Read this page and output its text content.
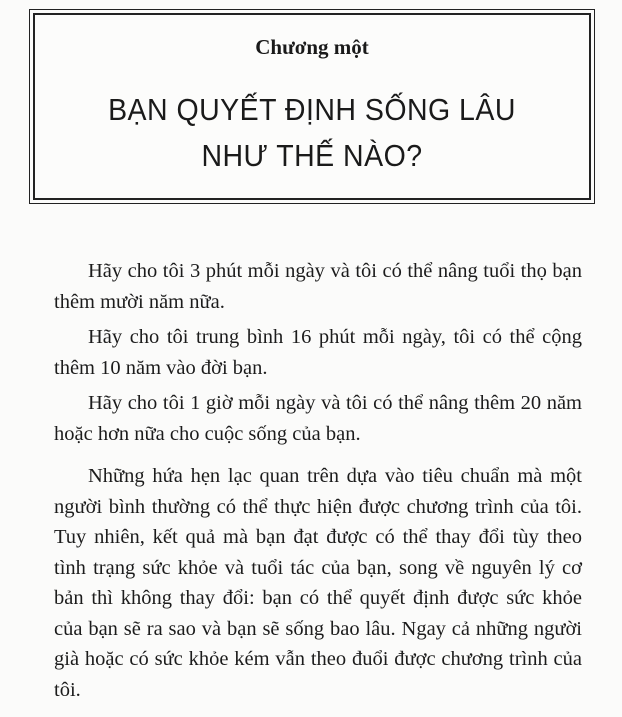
Chương một
BẠN QUYẾT ĐỊNH SỐNG LÂU
NHƯ THẾ NÀO?

Hãy cho tôi 3 phút mỗi ngày và tôi có thể nâng tuổi thọ bạn thêm mười năm nữa.

Hãy cho tôi trung bình 16 phút mỗi ngày, tôi có thể cộng thêm 10 năm vào đời bạn.

Hãy cho tôi 1 giờ mỗi ngày và tôi có thể nâng thêm 20 năm hoặc hơn nữa cho cuộc sống của bạn.

Những hứa hẹn lạc quan trên dựa vào tiêu chuẩn mà một người bình thường có thể thực hiện được chương trình của tôi. Tuy nhiên, kết quả mà bạn đạt được có thể thay đổi tùy theo tình trạng sức khỏe và tuổi tác của bạn, song về nguyên lý cơ bản thì không thay đổi: bạn có thể quyết định được sức khỏe của bạn sẽ ra sao và bạn sẽ sống bao lâu. Ngay cả những người già hoặc có sức khỏe kém vẫn theo đuổi được chương trình của tôi.
